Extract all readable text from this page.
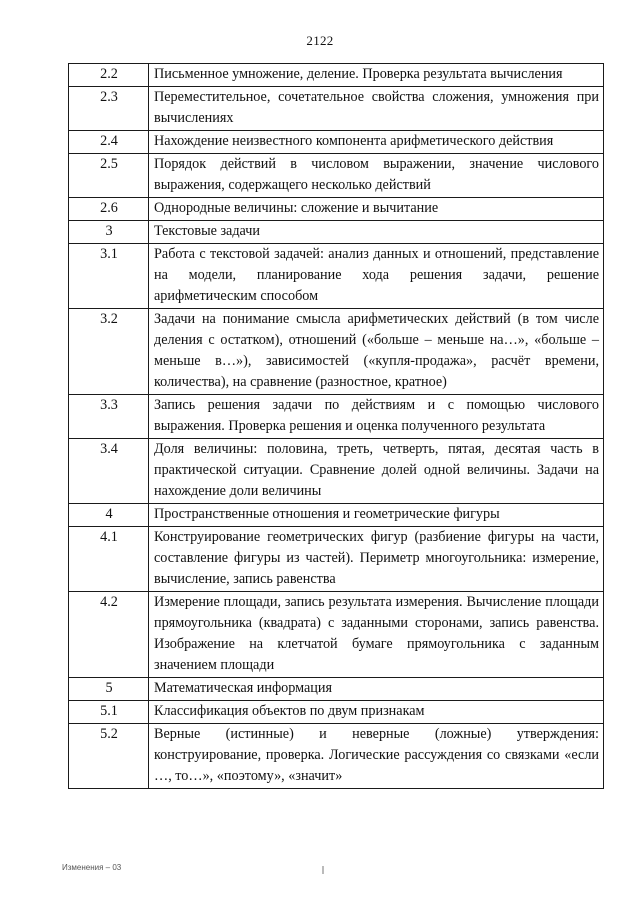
2122
2.2	Письменное умножение, деление. Проверка результата вычисления
2.3	Переместительное, сочетательное свойства сложения, умножения при вычислениях
2.4	Нахождение неизвестного компонента арифметического действия
2.5	Порядок действий в числовом выражении, значение числового выражения, содержащего несколько действий
2.6	Однородные величины: сложение и вычитание
3	Текстовые задачи
3.1	Работа с текстовой задачей: анализ данных и отношений, представление на модели, планирование хода решения задачи, решение арифметическим способом
3.2	Задачи на понимание смысла арифметических действий (в том числе деления с остатком), отношений («больше – меньше на…», «больше – меньше в…»), зависимостей («купля-продажа», расчёт времени, количества), на сравнение (разностное, кратное)
3.3	Запись решения задачи по действиям и с помощью числового выражения. Проверка решения и оценка полученного результата
3.4	Доля величины: половина, треть, четверть, пятая, десятая часть в практической ситуации. Сравнение долей одной величины. Задачи на нахождение доли величины
4	Пространственные отношения и геометрические фигуры
4.1	Конструирование геометрических фигур (разбиение фигуры на части, составление фигуры из частей). Периметр многоугольника: измерение, вычисление, запись равенства
4.2	Измерение площади, запись результата измерения. Вычисление площади прямоугольника (квадрата) с заданными сторонами, запись равенства. Изображение на клетчатой бумаге прямоугольника с заданным значением площади
5	Математическая информация
5.1	Классификация объектов по двум признакам
5.2	Верные (истинные) и неверные (ложные) утверждения: конструирование, проверка. Логические рассуждения со связками «если …, то…», «поэтому», «значит»
Изменения – 03
